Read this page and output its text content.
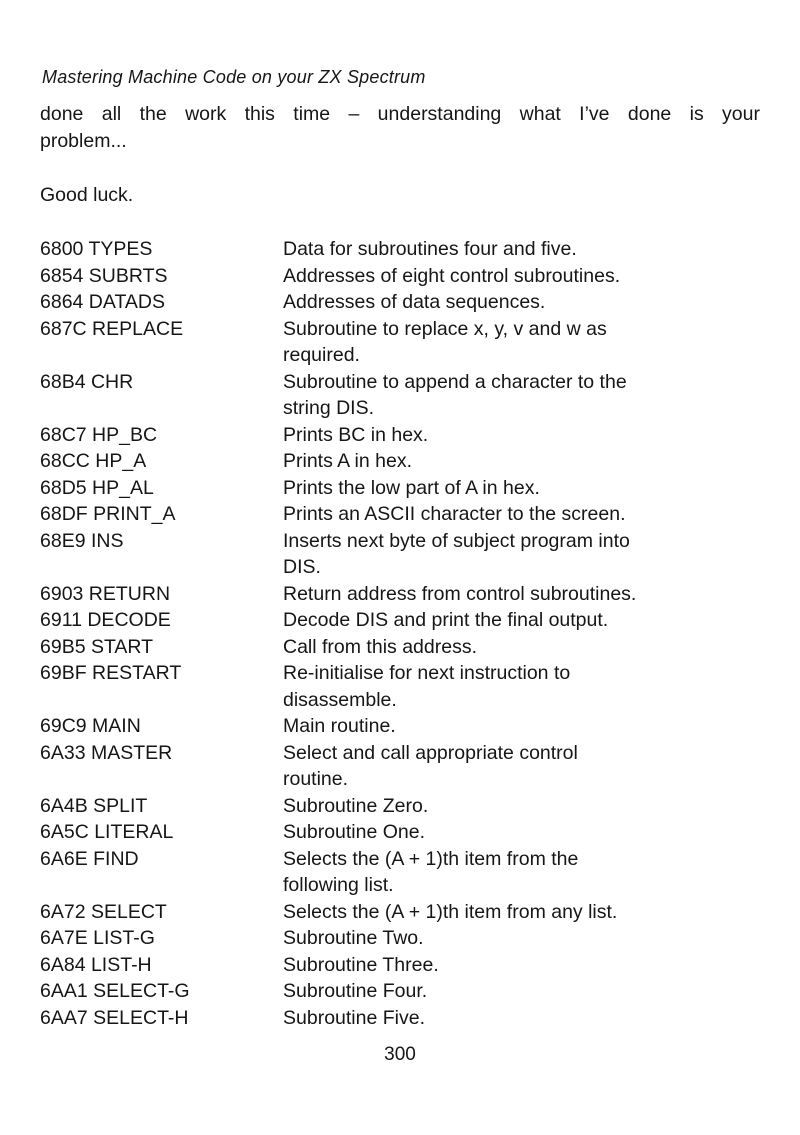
Mastering Machine Code on your ZX Spectrum
done all the work this time – understanding what I’ve done is your
problem...
Good luck.
6800 TYPES	Data for subroutines four and five.
6854 SUBRTS	Addresses of eight control subroutines.
6864 DATADS	Addresses of data sequences.
687C REPLACE	Subroutine to replace x, y, v and w as
required.
68B4 CHR	Subroutine to append a character to the
string DIS.
68C7 HP_BC	Prints BC in hex.
68CC HP_A	Prints A in hex.
68D5 HP_AL	Prints the low part of A in hex.
68DF PRINT_A	Prints an ASCII character to the screen.
68E9 INS	Inserts next byte of subject program into
DIS.
6903 RETURN	Return address from control subroutines.
6911 DECODE	Decode DIS and print the final output.
69B5 START	Call from this address.
69BF RESTART	Re-initialise for next instruction to
disassemble.
69C9 MAIN	Main routine.
6A33 MASTER	Select and call appropriate control
routine.
6A4B SPLIT	Subroutine Zero.
6A5C LITERAL	Subroutine One.
6A6E FIND	Selects the (A + 1)th item from the
following list.
6A72 SELECT	Selects the (A + 1)th item from any list.
6A7E LIST-G	Subroutine Two.
6A84 LIST-H	Subroutine Three.
6AA1 SELECT-G	Subroutine Four.
6AA7 SELECT-H	Subroutine Five.
300
